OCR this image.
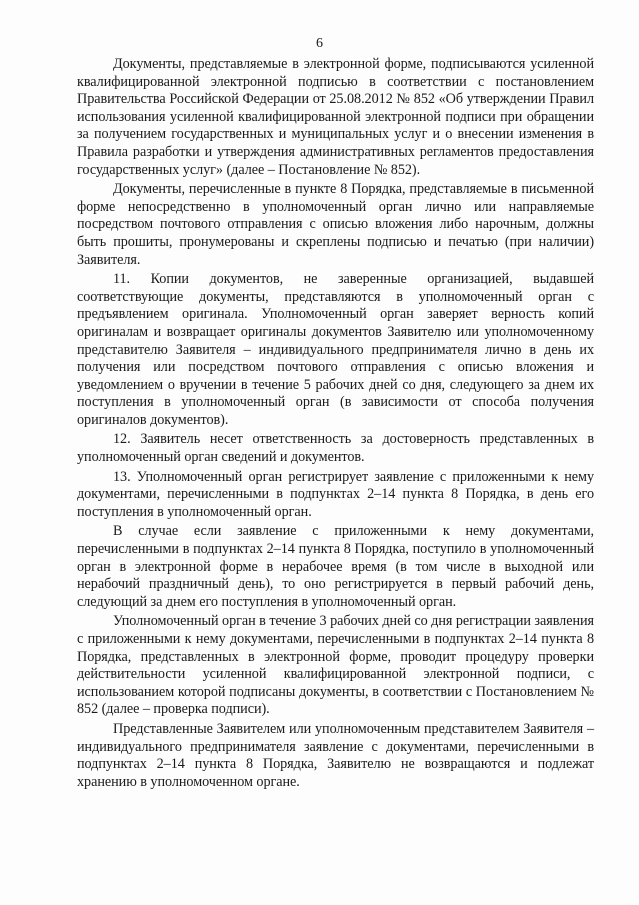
6

Документы, представляемые в электронной форме, подписываются усиленной квалифицированной электронной подписью в соответствии с постановлением Правительства Российской Федерации от 25.08.2012 № 852 «Об утверждении Правил использования усиленной квалифицированной электронной подписи при обращении за получением государственных и муниципальных услуг и о внесении изменения в Правила разработки и утверждения административных регламентов предоставления государственных услуг» (далее – Постановление № 852).

Документы, перечисленные в пункте 8 Порядка, представляемые в письменной форме непосредственно в уполномоченный орган лично или направляемые посредством почтового отправления с описью вложения либо нарочным, должны быть прошиты, пронумерованы и скреплены подписью и печатью (при наличии) Заявителя.

11. Копии документов, не заверенные организацией, выдавшей соответствующие документы, представляются в уполномоченный орган с предъявлением оригинала. Уполномоченный орган заверяет верность копий оригиналам и возвращает оригиналы документов Заявителю или уполномоченному представителю Заявителя – индивидуального предпринимателя лично в день их получения или посредством почтового отправления с описью вложения и уведомлением о вручении в течение 5 рабочих дней со дня, следующего за днем их поступления в уполномоченный орган (в зависимости от способа получения оригиналов документов).

12. Заявитель несет ответственность за достоверность представленных в уполномоченный орган сведений и документов.

13. Уполномоченный орган регистрирует заявление с приложенными к нему документами, перечисленными в подпунктах 2–14 пункта 8 Порядка, в день его поступления в уполномоченный орган.

В случае если заявление с приложенными к нему документами, перечисленными в подпунктах 2–14 пункта 8 Порядка, поступило в уполномоченный орган в электронной форме в нерабочее время (в том числе в выходной или нерабочий праздничный день), то оно регистрируется в первый рабочий день, следующий за днем его поступления в уполномоченный орган.

Уполномоченный орган в течение 3 рабочих дней со дня регистрации заявления с приложенными к нему документами, перечисленными в подпунктах 2–14 пункта 8 Порядка, представленных в электронной форме, проводит процедуру проверки действительности усиленной квалифицированной электронной подписи, с использованием которой подписаны документы, в соответствии с Постановлением № 852 (далее – проверка подписи).

Представленные Заявителем или уполномоченным представителем Заявителя – индивидуального предпринимателя заявление с документами, перечисленными в подпунктах 2–14 пункта 8 Порядка, Заявителю не возвращаются и подлежат хранению в уполномоченном органе.
